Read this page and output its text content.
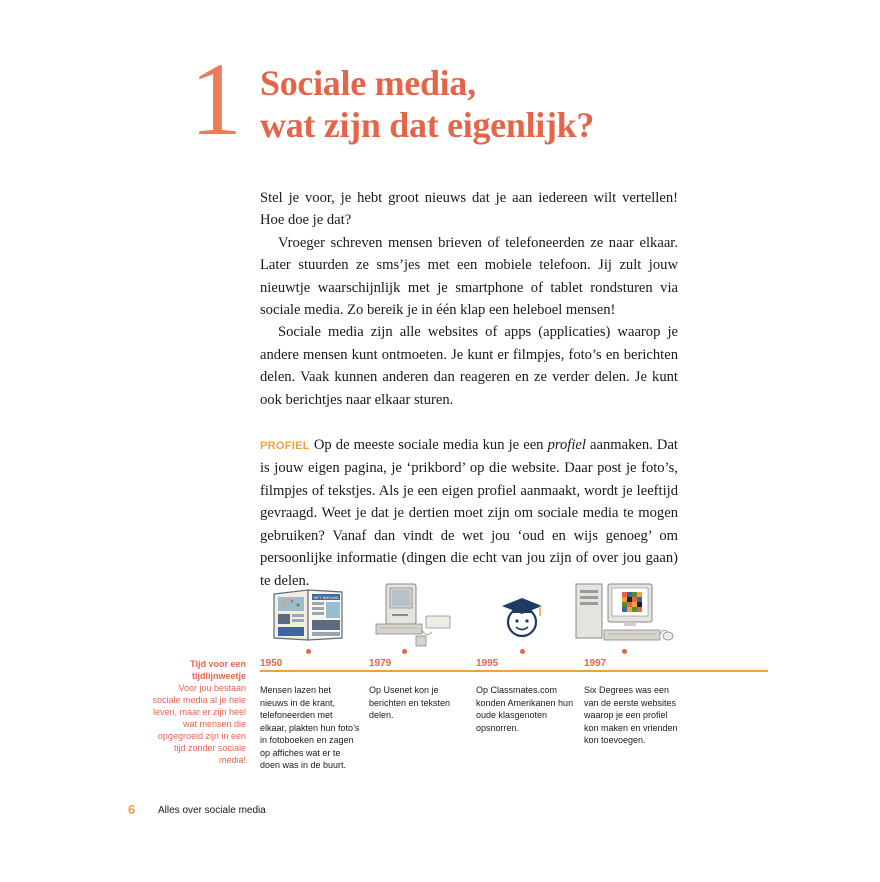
1 Sociale media,
wat zijn dat eigenlijk?

Stel je voor, je hebt groot nieuws dat je aan iedereen wilt vertellen! Hoe doe je dat?

Vroeger schreven mensen brieven of telefoneerden ze naar elkaar. Later stuurden ze sms’jes met een mobiele telefoon. Jij zult jouw nieuwtje waarschijnlijk met je smartphone of tablet rondsturen via sociale media. Zo bereik je in één klap een heleboel mensen!

Sociale media zijn alle websites of apps (applicaties) waarop je andere mensen kunt ontmoeten. Je kunt er filmpjes, foto’s en berichten delen. Vaak kunnen anderen dan reageren en ze verder delen. Je kunt ook berichtjes naar elkaar sturen.

PROFIEL Op de meeste sociale media kun je een profiel aanmaken. Dat is jouw eigen pagina, je ‘prikbord’ op die website. Daar post je foto’s, filmpjes of tekstjes. Als je een eigen profiel aanmaakt, wordt je leeftijd gevraagd. Weet je dat je dertien moet zijn om sociale media te mogen gebruiken? Vanaf dan vindt de wet jou ‘oud en wijs genoeg’ om persoonlijke informatie (dingen die echt van jou zijn of over jou gaan) te delen.

HET NIEUWS
Tijd voor een
tijdlijnweetje
Voor jou bestaan sociale media al je hele leven, maar er zijn heel wat mensen die opgegroeid zijn in een tijd zonder sociale media!
1950	1979	1995	1997
Mensen lazen het nieuws in de krant, telefoneerden met elkaar, plakten hun foto’s in fotoboeken en zagen op affiches wat er te doen was in de buurt.
Op Usenet kon je berichten en teksten delen.
Op Classmates.com konden Amerikanen hun oude klasgenoten opsnorren.
Six Degrees was een van de eerste websites waarop je een profiel kon maken en vrienden kon toevoegen.
6 Alles over sociale media
